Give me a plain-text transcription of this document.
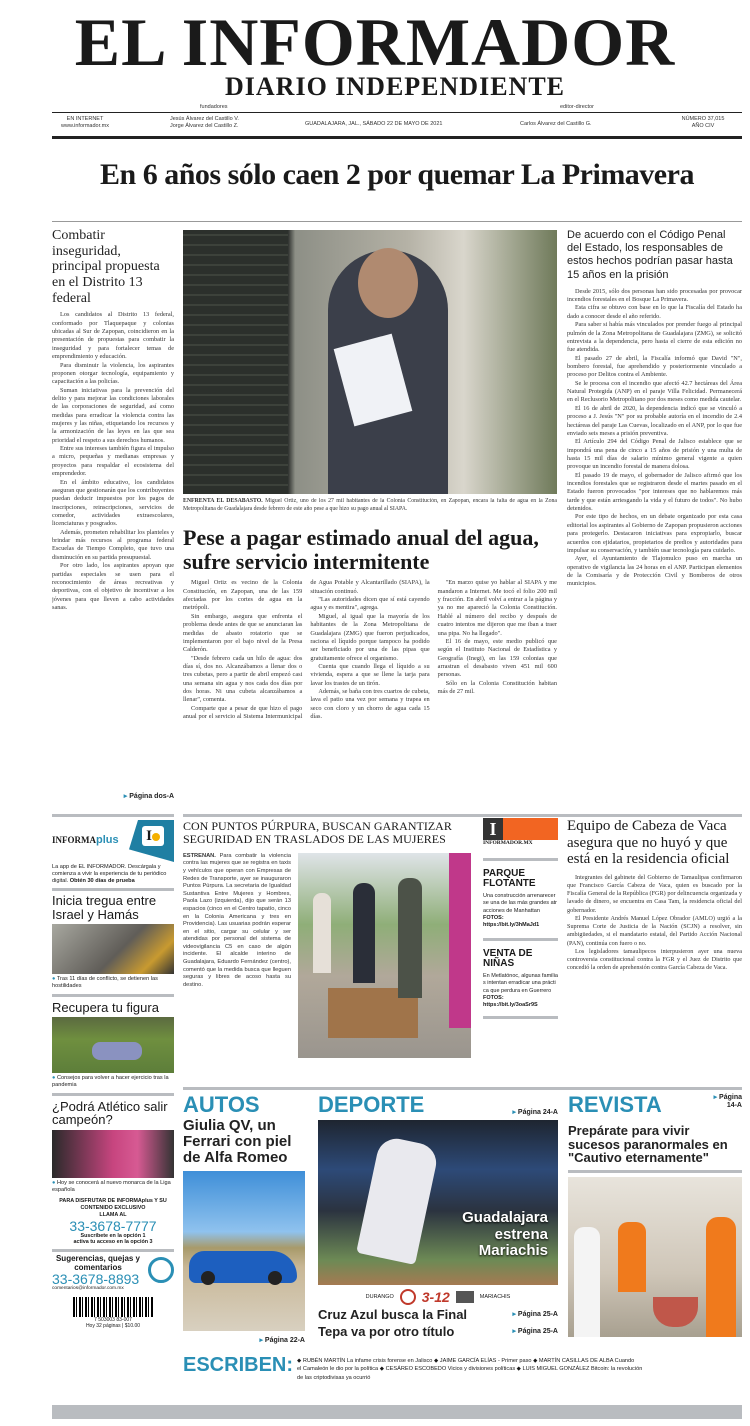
EL INFORMADOR
DIARIO INDEPENDIENTE
fundadores	editor-director
EN INTERNET
www.informador.mx
Jesús Álvarez del Castillo V.
Jorge Álvarez del Castillo Z.	GUADALAJARA, JAL., SÁBADO 22 DE MAYO DE 2021	Carlos Álvarez del Castillo G.
NÚMERO 37,015
AÑO CIV
En 6 años sólo caen 2 por quemar La Primavera
Combatir inseguridad, principal propuesta en el Distrito 13 federal

Los candidatos al Distrito 13 federal, conformado por Tlaquepaque y colonias ubicadas al Sur de Zapopan, coincidieron en la presentación de propuestas para combatir la inseguridad y para fortalecer temas de emprendimiento y educación.

Para disminuir la violencia, los aspirantes proponen otorgar tecnología, equipamiento y capacitación a las policías.

Suman iniciativas para la prevención del delito y para mejorar las condiciones laborales de las corporaciones de seguridad, así como medidas para erradicar la violencia contra las mujeres y las niñas, etiquetando los recursos y la armonización de las leyes en las que sea prioridad el respeto a sus derechos humanos.

Entre sus intereses también figura el impulso a micro, pequeñas y medianas empresas y proyectos para respaldar el ecosistema del emprendedor.

En el ámbito educativo, los candidatos aseguran que gestionarán que los contribuyentes puedan deducir impuestos por los pagos de inscripciones, reinscripciones, servicios de comedor, actividades extraescolares, licenciaturas y posgrados.

Además, prometen rehabilitar los planteles y brindar más recursos al programa federal Escuelas de Tiempo Completo, que tuvo una disminución en su partida presupuestal.

Por otro lado, los aspirantes apoyan que partidas especiales se usen para el reconocimiento de áreas recreativas y deportivas, con el objetivo de incentivar a los jóvenes para que lleven a cabo actividades sanas.

▸ Página dos-A
ENFRENTA EL DESABASTO. Miguel Ortiz, uno de los 27 mil habitantes de la Colonia Constitución, en Zapopan, encara la falta de agua en la Zona Metropolitana de Guadalajara desde febrero de este año pese a que hizo su pago anual al SIAPA.
Pese a pagar estimado anual del agua, sufre servicio intermitente

Miguel Ortiz es vecino de la Colonia Constitución, en Zapopan, una de las 159 afectadas por los cortes de agua en la metrópoli.

Sin embargo, asegura que enfrenta el problema desde antes de que se anunciaran las medidas de abasto rotatorio que se implementaron por el bajo nivel de la Presa Calderón.

"Desde febrero cada un hilo de agua: dos días sí, dos no. Alcanzábamos a llenar dos o tres cubetas, pero a partir de abril empezó casi una semana sin agua y nos cada dos días por dos horas. Ni una cubeta alcanzábamos a llenar", comenta.

Comparte que a pesar de que hizo el pago anual por el servicio al Sistema Intermunicipal de Agua Potable y Alcantarillado (SIAPA), la situación continuó.

"Las autoridades dicen que sí está cayendo agua y es mentira", agrega.

Miguel, al igual que la mayoría de los habitantes de la Zona Metropolitana de Guadalajara (ZMG) que fueron perjudicados, raciona el líquido porque tampoco ha podido ser beneficiado por una de las pipas que gratuitamente ofrece el organismo.

Cuenta que cuando llega el líquido a su vivienda, espera a que se llene la tarja para lavar los trastes de un tirón.

Además, se baña con tres cuartos de cubeta, lava el patio una vez por semana y trapea en seco con cloro y un chorro de agua cada 15 días.

"En marzo quise yo hablar al SIAPA y me mandaron a Internet. Me tocó el folio 200 mil y fracción. En abril volví a entrar a la página y ya no me apareció la Colonia Constitución. Hablé al número del recibo y después de cuatro intentos me dijeron que me iban a traer una pipa. No ha llegado".

El 16 de mayo, este medio publicó que según el Instituto Nacional de Estadística y Geografía (Inegi), en las 159 colonias que arrastran el desabasto viven 451 mil 600 personas.

Sólo en la Colonia Constitución habitan más de 27 mil.

De acuerdo con el Código Penal del Estado, los responsables de estos hechos podrían pasar hasta 15 años en la prisión

Desde 2015, sólo dos personas han sido procesadas por provocar incendios forestales en el Bosque La Primavera.

Esta cifra se obtuvo con base en lo que la Fiscalía del Estado ha dado a conocer desde el año referido.

Para saber si había más vinculados por prender fuego al principal pulmón de la Zona Metropolitana de Guadalajara (ZMG), se solicitó entrevista a la dependencia, pero hasta el cierre de esta edición no fue atendida.

El pasado 27 de abril, la Fiscalía informó que David "N", bombero forestal, fue aprehendido y posteriormente vinculado a proceso por Delitos contra el Ambiente.

Se le procesa con el incendio que afectó 42.7 hectáreas del Área Natural Protegida (ANP) en el paraje Villa Felicidad. Permanecerá en el Reclusorio Metropolitano por dos meses como medida cautelar.

El 16 de abril de 2020, la dependencia indicó que se vinculó a proceso a J. Jesús "N" por su probable autoría en el incendio de 2.4 hectáreas del paraje Las Cuevas, localizado en el ANP, por lo que fue enviado seis meses a prisión preventiva.

El Artículo 294 del Código Penal de Jalisco establece que se impondrá una pena de cinco a 15 años de prisión y una multa de hasta 15 mil días de salario mínimo general vigente a quien provoque un incendio forestal de manera dolosa.

El pasado 19 de mayo, el gobernador de Jalisco afirmó que los incendios forestales que se registraron desde el martes pasado en el Estado fueron provocados "por intereses que no hablaremos más tarde y que están arriesgando la vida y el futuro de todos". No hubo detenidos.

Por este tipo de hechos, en un debate organizado por esta casa editorial los aspirantes al Gobierno de Zapopan propusieron acciones para protegerlo. Destacaron iniciativas para expropiarlo, buscar acuerdos con ejidatarios, propietarios de predios y autoridades para impulsar su conservación, y también usar tecnología para cuidarlo.

Ayer, el Ayuntamiento de Tlajomulco puso en marcha un operativo de vigilancia las 24 horas en el ANP. Participan elementos de la Comisaría y de Protección Civil y Bomberos de otros municipios.

INFORMAplus I
La app de EL INFORMADOR. Descárgala y comienza a vivir la experiencia de tu periódico digital. Obtén 30 días de prueba
Inicia tregua entre Israel y Hamás
● Tras 11 días de conflicto, se detienen las hostilidades
Recupera tu figura
● Consejos para volver a hacer ejercicio tras la pandemia
¿Podrá Atlético salir campeón?
● Hoy se conocerá al nuevo monarca de la Liga española
PARA DISFRUTAR DE INFORMAplus Y SU CONTENIDO EXCLUSIVO
LLAMA AL
33-3678-7777
Suscríbete en la opción 1
activa tu acceso en la opción 3
Sugerencias, quejas y comentarios
33-3678-8893
comentarios@informador.com.mx
7 503003 83-007
Hoy 32 páginas | $10.00
CON PUNTOS PÚRPURA, BUSCAN GARANTIZAR SEGURIDAD EN TRASLADOS DE LAS MUJERES
ESTRENAN. Para combatir la violencia contra las mujeres que se registra en taxis y vehículos que operan con Empresas de Redes de Transporte, ayer se inauguraron Puntos Púrpura. La secretaria de Igualdad Sustantiva Entre Mujeres y Hombres, Paola Lazo (izquierda), dijo que serán 13 espacios (cinco en el Centro tapatío, cinco en la Colonia Americana y tres en Providencia). Las usuarias podrán esperar en el sitio, cargar su celular y ser atendidas por personal del sistema de videovigilancia C5 en caso de algún incidente. El alcalde interino de Guadalajara, Eduardo Fernández (centro), comentó que la medida busca que lleguen seguras y libres de acoso hasta su destino.
I
INFORMADOR.MX
PARQUE FLOTANTE
Una construcción arrenarecer se una de las más grandes atracciones de Manhattan
FOTOS:
https://bit.ly/3hMaJd1
VENTA DE NIÑAS
En Metlatónoc, algunas familias intentan erradicar una práctica que perdura en Guerrero
FOTOS:
https://bit.ly/3oaSr9S
Equipo de Cabeza de Vaca asegura que no huyó y que está en la residencia oficial

Integrantes del gabinete del Gobierno de Tamaulipas confirmaron que Francisco García Cabeza de Vaca, quien es buscado por la Fiscalía General de la República (FGR) por delincuencia organizada y lavado de dinero, se encuentra en Casa Tam, la residencia oficial del gobernador.

El Presidente Andrés Manuel López Obrador (AMLO) urgió a la Suprema Corte de Justicia de la Nación (SCJN) a resolver, sin ambigüedades, si el mandatario estatal, del Partido Acción Nacional (PAN), continúa con fuero o no.

Los legisladores tamaulipecos interpusieron ayer una nueva controversia constitucional contra la FGR y el Juez de Distrito que concedió la orden de aprehensión contra García Cabeza de Vaca.

AUTOS
Giulia QV, un Ferrari con piel de Alfa Romeo
▸ Página 22-A
DEPORTE	▸ Página 24-A
Guadalajara estrena Mariachis
DURANGO 3-12	MARIACHIS
Cruz Azul busca la Final	▸ Página 25-A
Tepa va por otro título	▸ Página 25-A
REVISTA	▸ Página 14-A
Prepárate para vivir sucesos paranormales en "Cautivo eternamente"
ESCRIBEN: ◆ RUBÉN MARTÍN La infame crisis forense en Jalisco ◆ JAIME GARCÍA ELÍAS - Primer paso ◆ MARTÍN CASILLAS DE ALBA Cuando
el Camaleón le dio por la política ◆ CESÁREO ESCOBEDO Vicios y divisiones políticas ◆ LUIS MIGUEL GONZÁLEZ Bitcoin: la revolución
de las criptodivisas ya ocurrió
